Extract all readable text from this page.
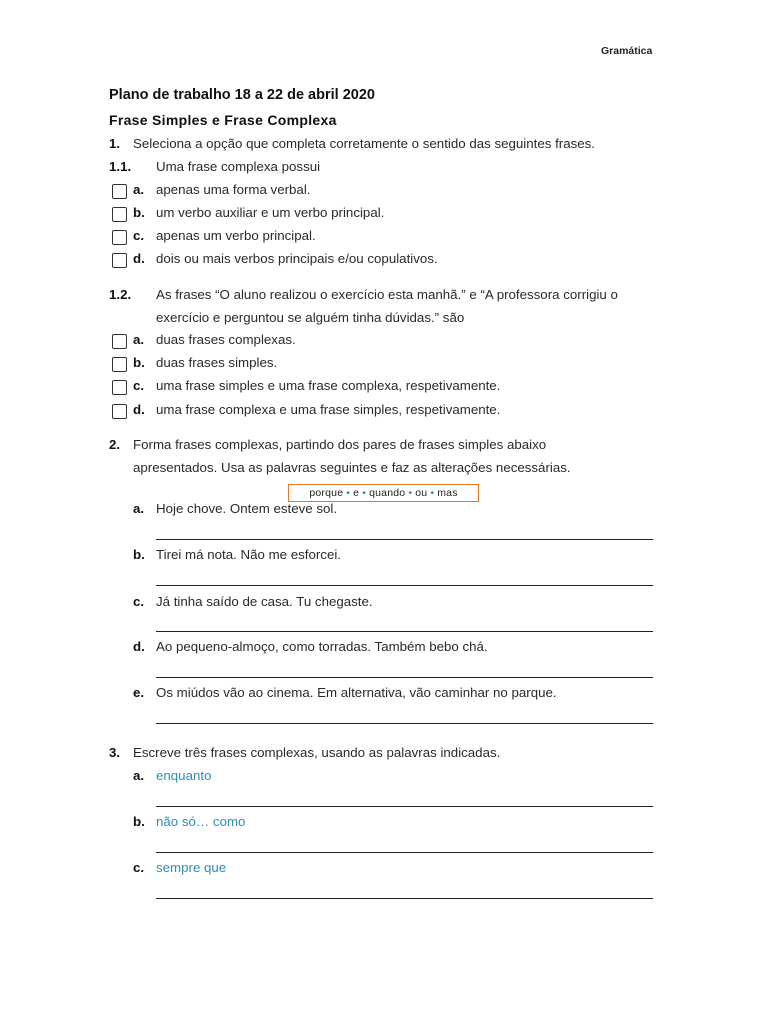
Gramática
Plano de trabalho 18 a 22 de abril 2020
Frase Simples e Frase Complexa
1. Seleciona a opção que completa corretamente o sentido das seguintes frases.
1.1. Uma frase complexa possui
a. apenas uma forma verbal.
b. um verbo auxiliar e um verbo principal.
c. apenas um verbo principal.
d. dois ou mais verbos principais e/ou copulativos.
1.2. As frases “O aluno realizou o exercício esta manhã.” e “A professora corrigiu o
exercício e perguntou se alguém tinha dúvidas.” são
a. duas frases complexas.
b. duas frases simples.
c. uma frase simples e uma frase complexa, respetivamente.
d. uma frase complexa e uma frase simples, respetivamente.
2. Forma frases complexas, partindo dos pares de frases simples abaixo
apresentados. Usa as palavras seguintes e faz as alterações necessárias.
porque • e • quando • ou • mas
a. Hoje chove. Ontem esteve sol.
b. Tirei má nota. Não me esforcei.
c. Já tinha saído de casa. Tu chegaste.
d. Ao pequeno-almoço, como torradas. Também bebo chá.
e. Os miúdos vão ao cinema. Em alternativa, vão caminhar no parque.
3. Escreve três frases complexas, usando as palavras indicadas.
a. enquanto
b. não só… como
c. sempre que
